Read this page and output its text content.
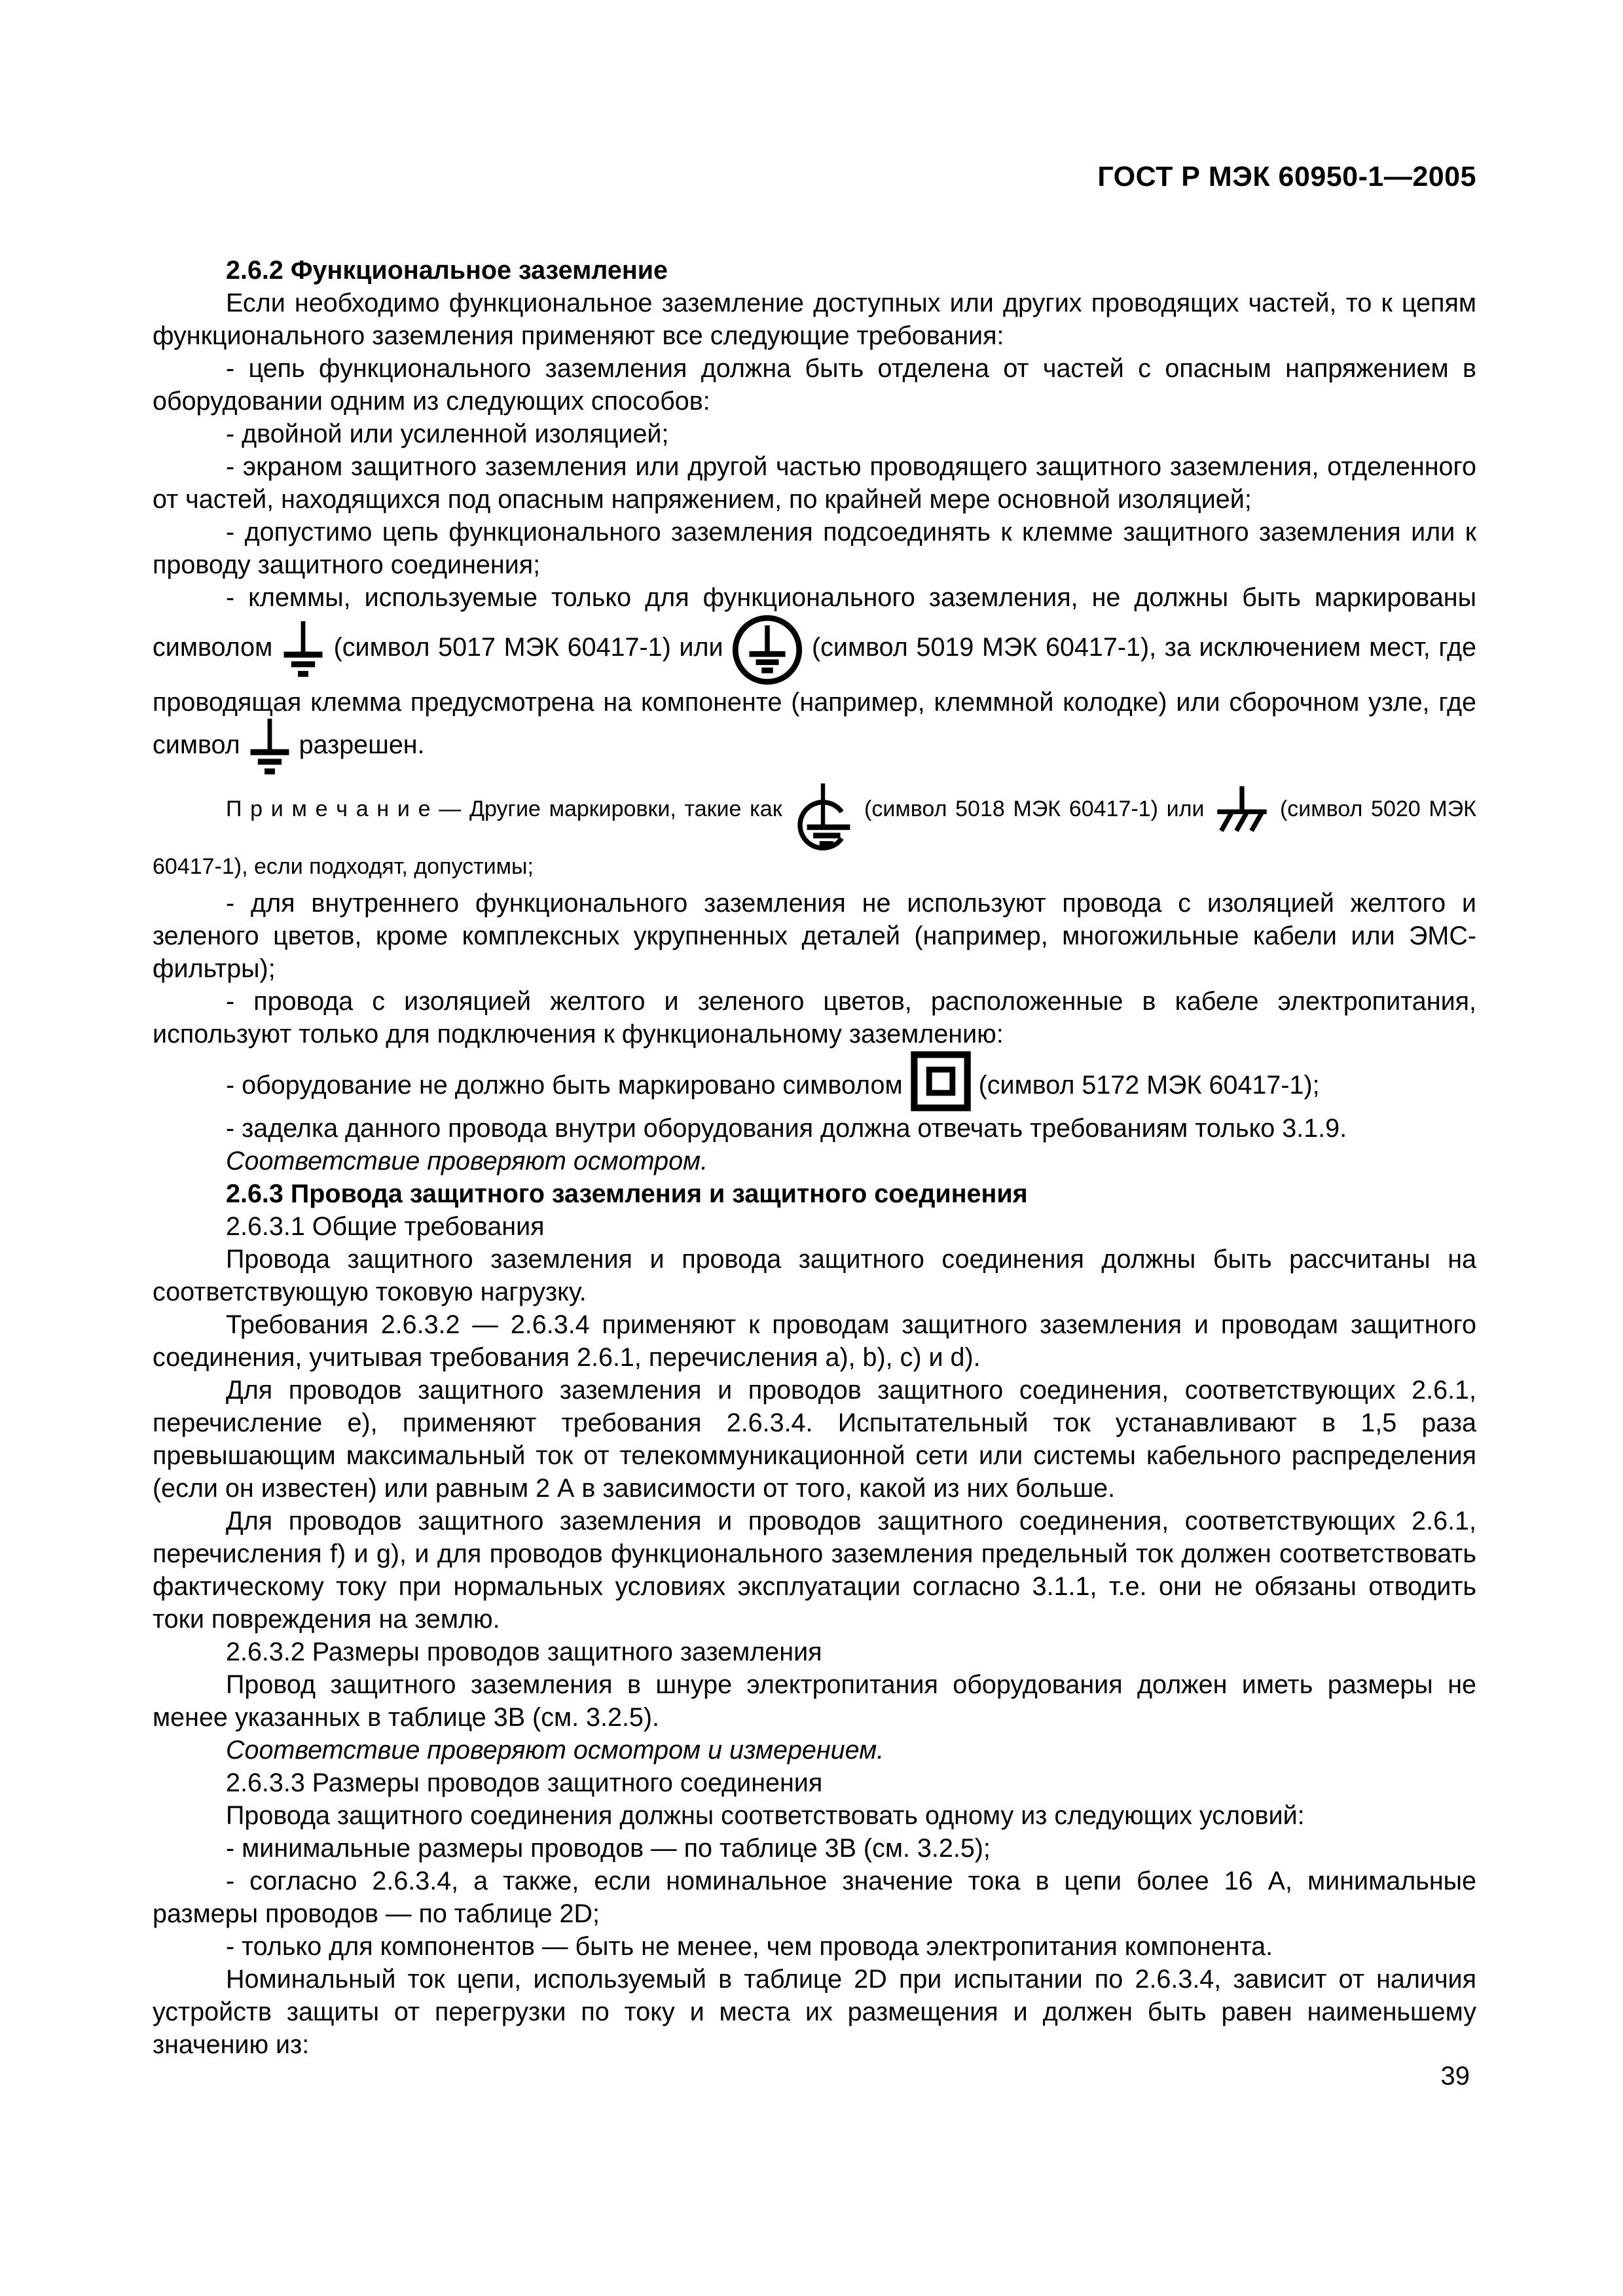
ГОСТ Р МЭК 60950-1—2005

2.6.2 Функциональное заземление

Если необходимо функциональное заземление доступных или других проводящих частей, то к цепям функционального заземления применяют все следующие требования:

- цепь функционального заземления должна быть отделена от частей с опасным напряжением в оборудовании одним из следующих способов:

- двойной или усиленной изоляцией;

- экраном защитного заземления или другой частью проводящего защитного заземления, отделенного от частей, находящихся под опасным напряжением, по крайней мере основной изоляцией;

- допустимо цепь функционального заземления подсоединять к клемме защитного заземления или к проводу защитного соединения;

- клеммы, используемые только для функционального заземления, не должны быть маркированы символом  (символ 5017 МЭК 60417-1) или	(символ 5019 МЭК 60417-1), за исключением мест, где проводящая клемма предусмотрена на компоненте (например, клеммной колодке) или сборочном узле, где символ  разрешен.

П р и м е ч а н и е — Другие маркировки, такие как	(символ 5018 МЭК 60417-1) или	(символ 5020 МЭК 60417-1), если подходят, допустимы;

- для внутреннего функционального заземления не используют провода с изоляцией желтого и зеленого цветов, кроме комплексных укрупненных деталей (например, многожильные кабели или ЭМС-фильтры);

- провода с изоляцией желтого и зеленого цветов, расположенные в кабеле электропитания, используют только для подключения к функциональному заземлению:

- оборудование не должно быть маркировано символом  (символ 5172 МЭК 60417-1);

- заделка данного провода внутри оборудования должна отвечать требованиям только 3.1.9.

Соответствие проверяют осмотром.

2.6.3 Провода защитного заземления и защитного соединения

2.6.3.1 Общие требования

Провода защитного заземления и провода защитного соединения должны быть рассчитаны на соответствующую токовую нагрузку.

Требования 2.6.3.2 — 2.6.3.4 применяют к проводам защитного заземления и проводам защитного соединения, учитывая требования 2.6.1, перечисления a), b), c) и d).

Для проводов защитного заземления и проводов защитного соединения, соответствующих 2.6.1, перечисление e), применяют требования 2.6.3.4. Испытательный ток устанавливают в 1,5 раза превышающим максимальный ток от телекоммуникационной сети или системы кабельного распределения (если он известен) или равным 2 А в зависимости от того, какой из них больше.

Для проводов защитного заземления и проводов защитного соединения, соответствующих 2.6.1, перечисления f) и g), и для проводов функционального заземления предельный ток должен соответствовать фактическому току при нормальных условиях эксплуатации согласно 3.1.1, т.е. они не обязаны отводить токи повреждения на землю.

2.6.3.2 Размеры проводов защитного заземления

Провод защитного заземления в шнуре электропитания оборудования должен иметь размеры не менее указанных в таблице 3B (см. 3.2.5).

Соответствие проверяют осмотром и измерением.

2.6.3.3 Размеры проводов защитного соединения

Провода защитного соединения должны соответствовать одному из следующих условий:

- минимальные размеры проводов — по таблице 3B (см. 3.2.5);

- согласно 2.6.3.4, а также, если номинальное значение тока в цепи более 16 А, минимальные размеры проводов — по таблице 2D;

- только для компонентов — быть не менее, чем провода электропитания компонента.

Номинальный ток цепи, используемый в таблице 2D при испытании по 2.6.3.4, зависит от наличия устройств защиты от перегрузки по току и места их размещения и должен быть равен наименьшему значению из:

39
